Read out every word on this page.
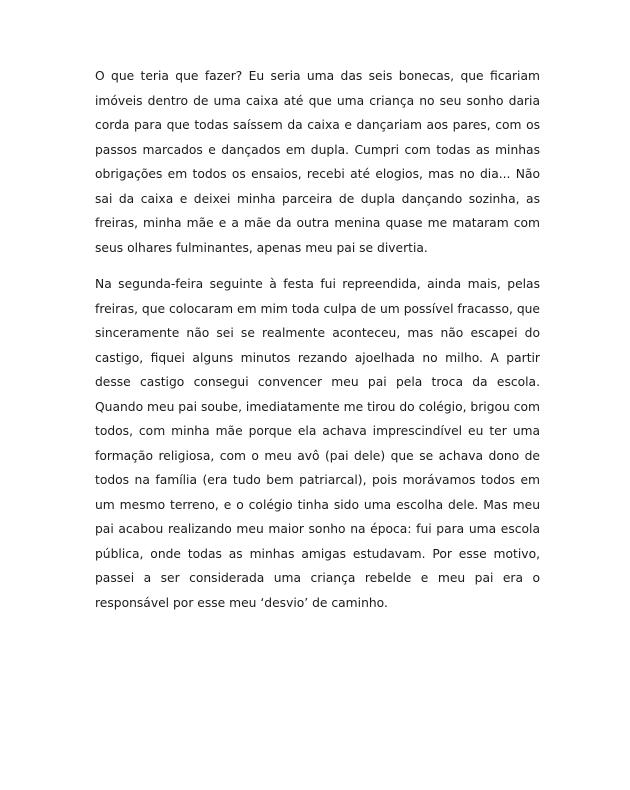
O que teria que fazer? Eu seria uma das seis bonecas, que ficariam imóveis dentro de uma caixa até que uma criança no seu sonho daria corda para que todas saíssem da caixa e dançariam aos pares, com os passos marcados e dançados em dupla. Cumpri com todas as minhas obrigações em todos os ensaios, recebi até elogios, mas no dia... Não sai da caixa e deixei minha parceira de dupla dançando sozinha, as freiras, minha mãe e a mãe da outra menina quase me mataram com seus olhares fulminantes, apenas meu pai se divertia.

Na segunda-feira seguinte à festa fui repreendida, ainda mais, pelas freiras, que colocaram em mim toda culpa de um possível fracasso, que sinceramente não sei se realmente aconteceu, mas não escapei do castigo, fiquei alguns minutos rezando ajoelhada no milho. A partir desse castigo consegui convencer meu pai pela troca da escola. Quando meu pai soube, imediatamente me tirou do colégio, brigou com todos, com minha mãe porque ela achava imprescindível eu ter uma formação religiosa, com o meu avô (pai dele) que se achava dono de todos na família (era tudo bem patriarcal), pois morávamos todos em um mesmo terreno, e o colégio tinha sido uma escolha dele. Mas meu pai acabou realizando meu maior sonho na época: fui para uma escola pública, onde todas as minhas amigas estudavam. Por esse motivo, passei a ser considerada uma criança rebelde e meu pai era o responsável por esse meu ‘desvio’ de caminho.
